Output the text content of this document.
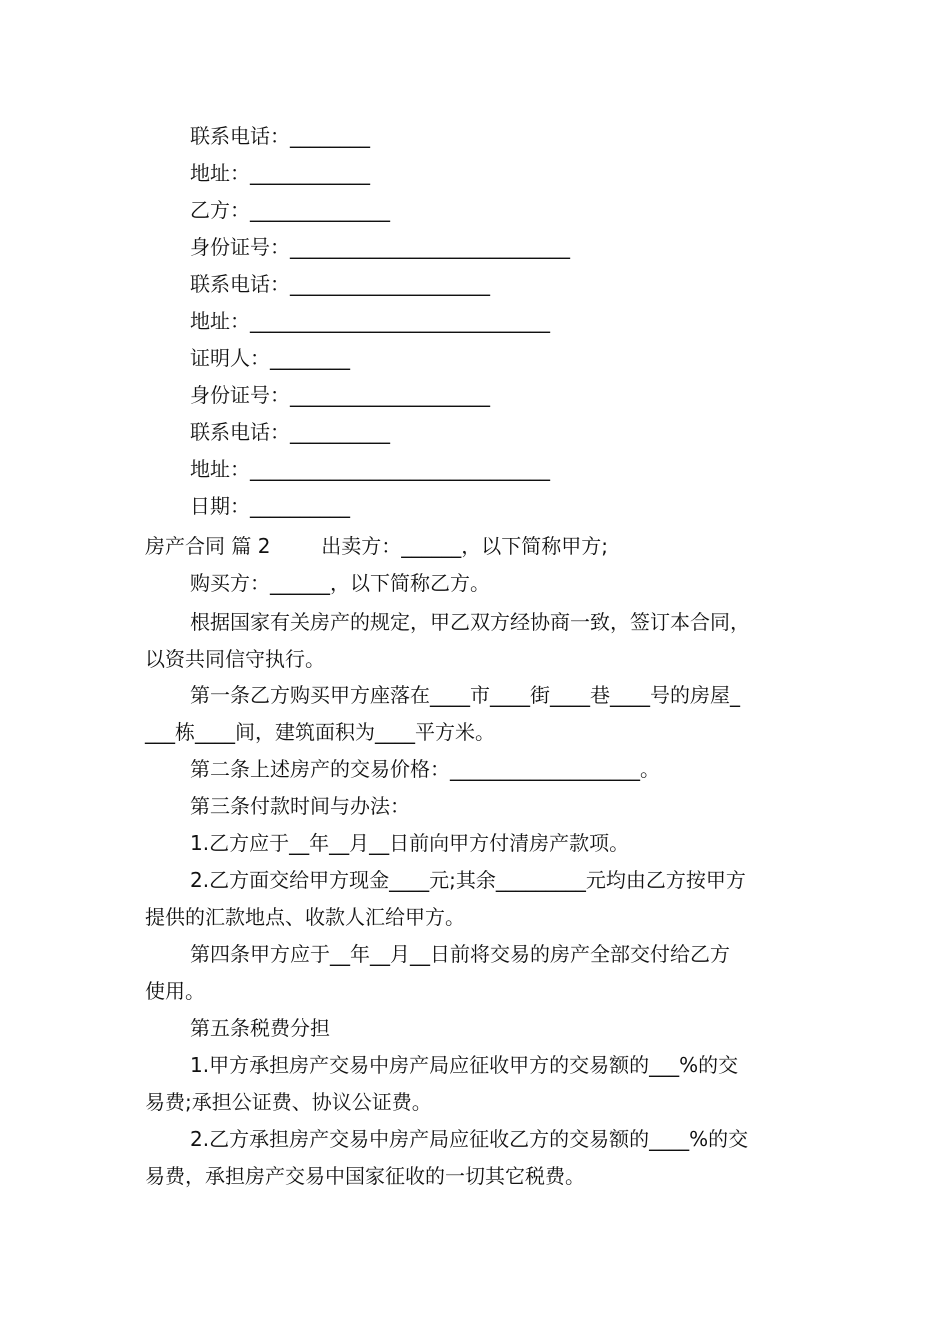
联系电话：________
地址：____________
乙方：______________
身份证号：____________________________
联系电话：____________________
地址：______________________________
证明人：________
身份证号：____________________
联系电话：__________
地址：______________________________
日期：__________
房产合同 篇 2        出卖方：______，以下简称甲方;
购买方：______，以下简称乙方。
根据国家有关房产的规定，甲乙双方经协商一致，签订本合同，
以资共同信守执行。
第一条乙方购买甲方座落在____市____街____巷____号的房屋_
___栋____间，建筑面积为____平方米。
第二条上述房产的交易价格：___________________。
第三条付款时间与办法：
1.乙方应于__年__月__日前向甲方付清房产款项。
2.乙方面交给甲方现金____元;其余_________元均由乙方按甲方
提供的汇款地点、收款人汇给甲方。
第四条甲方应于__年__月__日前将交易的房产全部交付给乙方
使用。
第五条税费分担
1.甲方承担房产交易中房产局应征收甲方的交易额的___%的交
易费;承担公证费、协议公证费。
2.乙方承担房产交易中房产局应征收乙方的交易额的____%的交
易费，承担房产交易中国家征收的一切其它税费。
